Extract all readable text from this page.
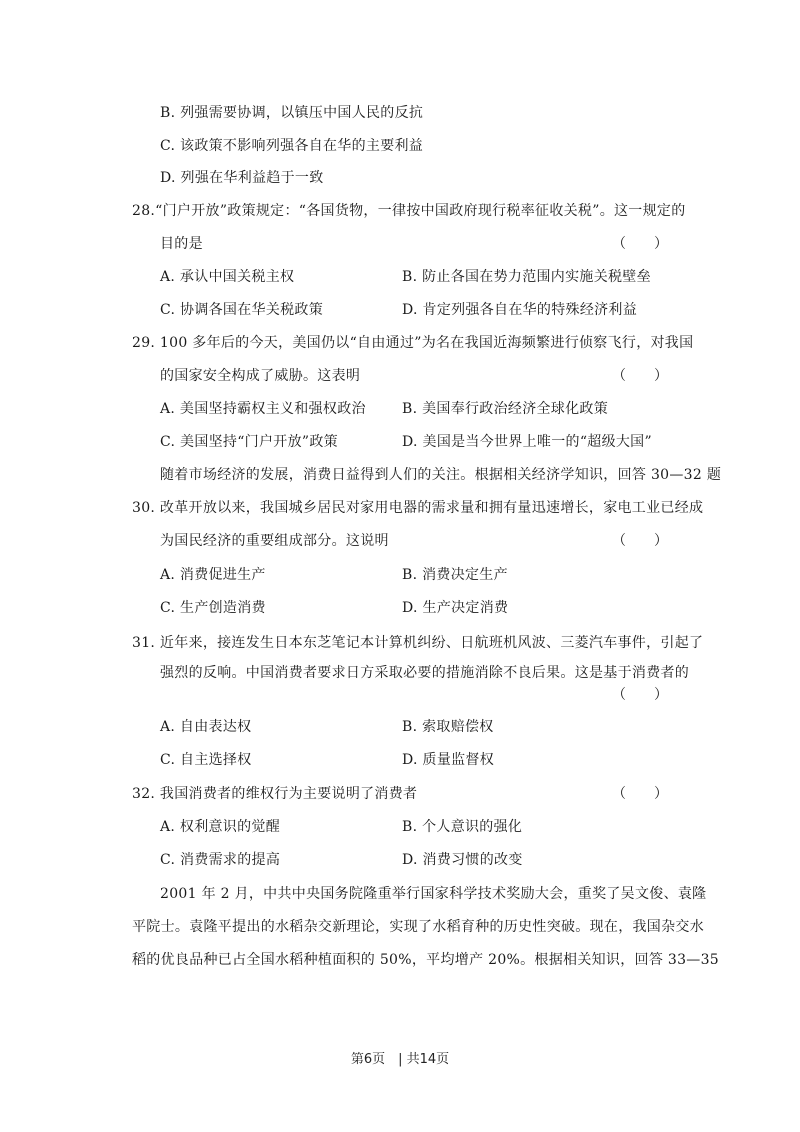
B. 列强需要协调，以镇压中国人民的反抗
C. 该政策不影响列强各自在华的主要利益
D. 列强在华利益趋于一致
28.“门户开放”政策规定：“各国货物，一律按中国政府现行税率征收关税”。这一规定的
目的是	（　　）
A. 承认中国关税主权	B. 防止各国在势力范围内实施关税壁垒
C. 协调各国在华关税政策	D. 肯定列强各自在华的特殊经济利益
29. 100 多年后的今天，美国仍以“自由通过”为名在我国近海频繁进行侦察飞行，对我国
的国家安全构成了威胁。这表明	（　　）
A. 美国坚持霸权主义和强权政治	B. 美国奉行政治经济全球化政策
C. 美国坚持“门户开放”政策	D. 美国是当今世界上唯一的“超级大国”
随着市场经济的发展，消费日益得到人们的关注。根据相关经济学知识，回答 30—32 题
30. 改革开放以来，我国城乡居民对家用电器的需求量和拥有量迅速增长，家电工业已经成
为国民经济的重要组成部分。这说明	（　　）
A. 消费促进生产	B. 消费决定生产
C. 生产创造消费	D. 生产决定消费
31. 近年来，接连发生日本东芝笔记本计算机纠纷、日航班机风波、三菱汽车事件，引起了
强烈的反响。中国消费者要求日方采取必要的措施消除不良后果。这是基于消费者的
（　　）
A. 自由表达权	B. 索取赔偿权
C. 自主选择权	D. 质量监督权
32. 我国消费者的维权行为主要说明了消费者	（　　）
A. 权利意识的觉醒	B. 个人意识的强化
C. 消费需求的提高	D. 消费习惯的改变
2001 年 2 月，中共中央国务院隆重举行国家科学技术奖励大会，重奖了吴文俊、袁隆
平院士。袁隆平提出的水稻杂交新理论，实现了水稻育种的历史性突破。现在，我国杂交水
稻的优良品种已占全国水稻种植面积的 50%，平均增产 20%。根据相关知识，回答 33—35
第6页　| 共14页
